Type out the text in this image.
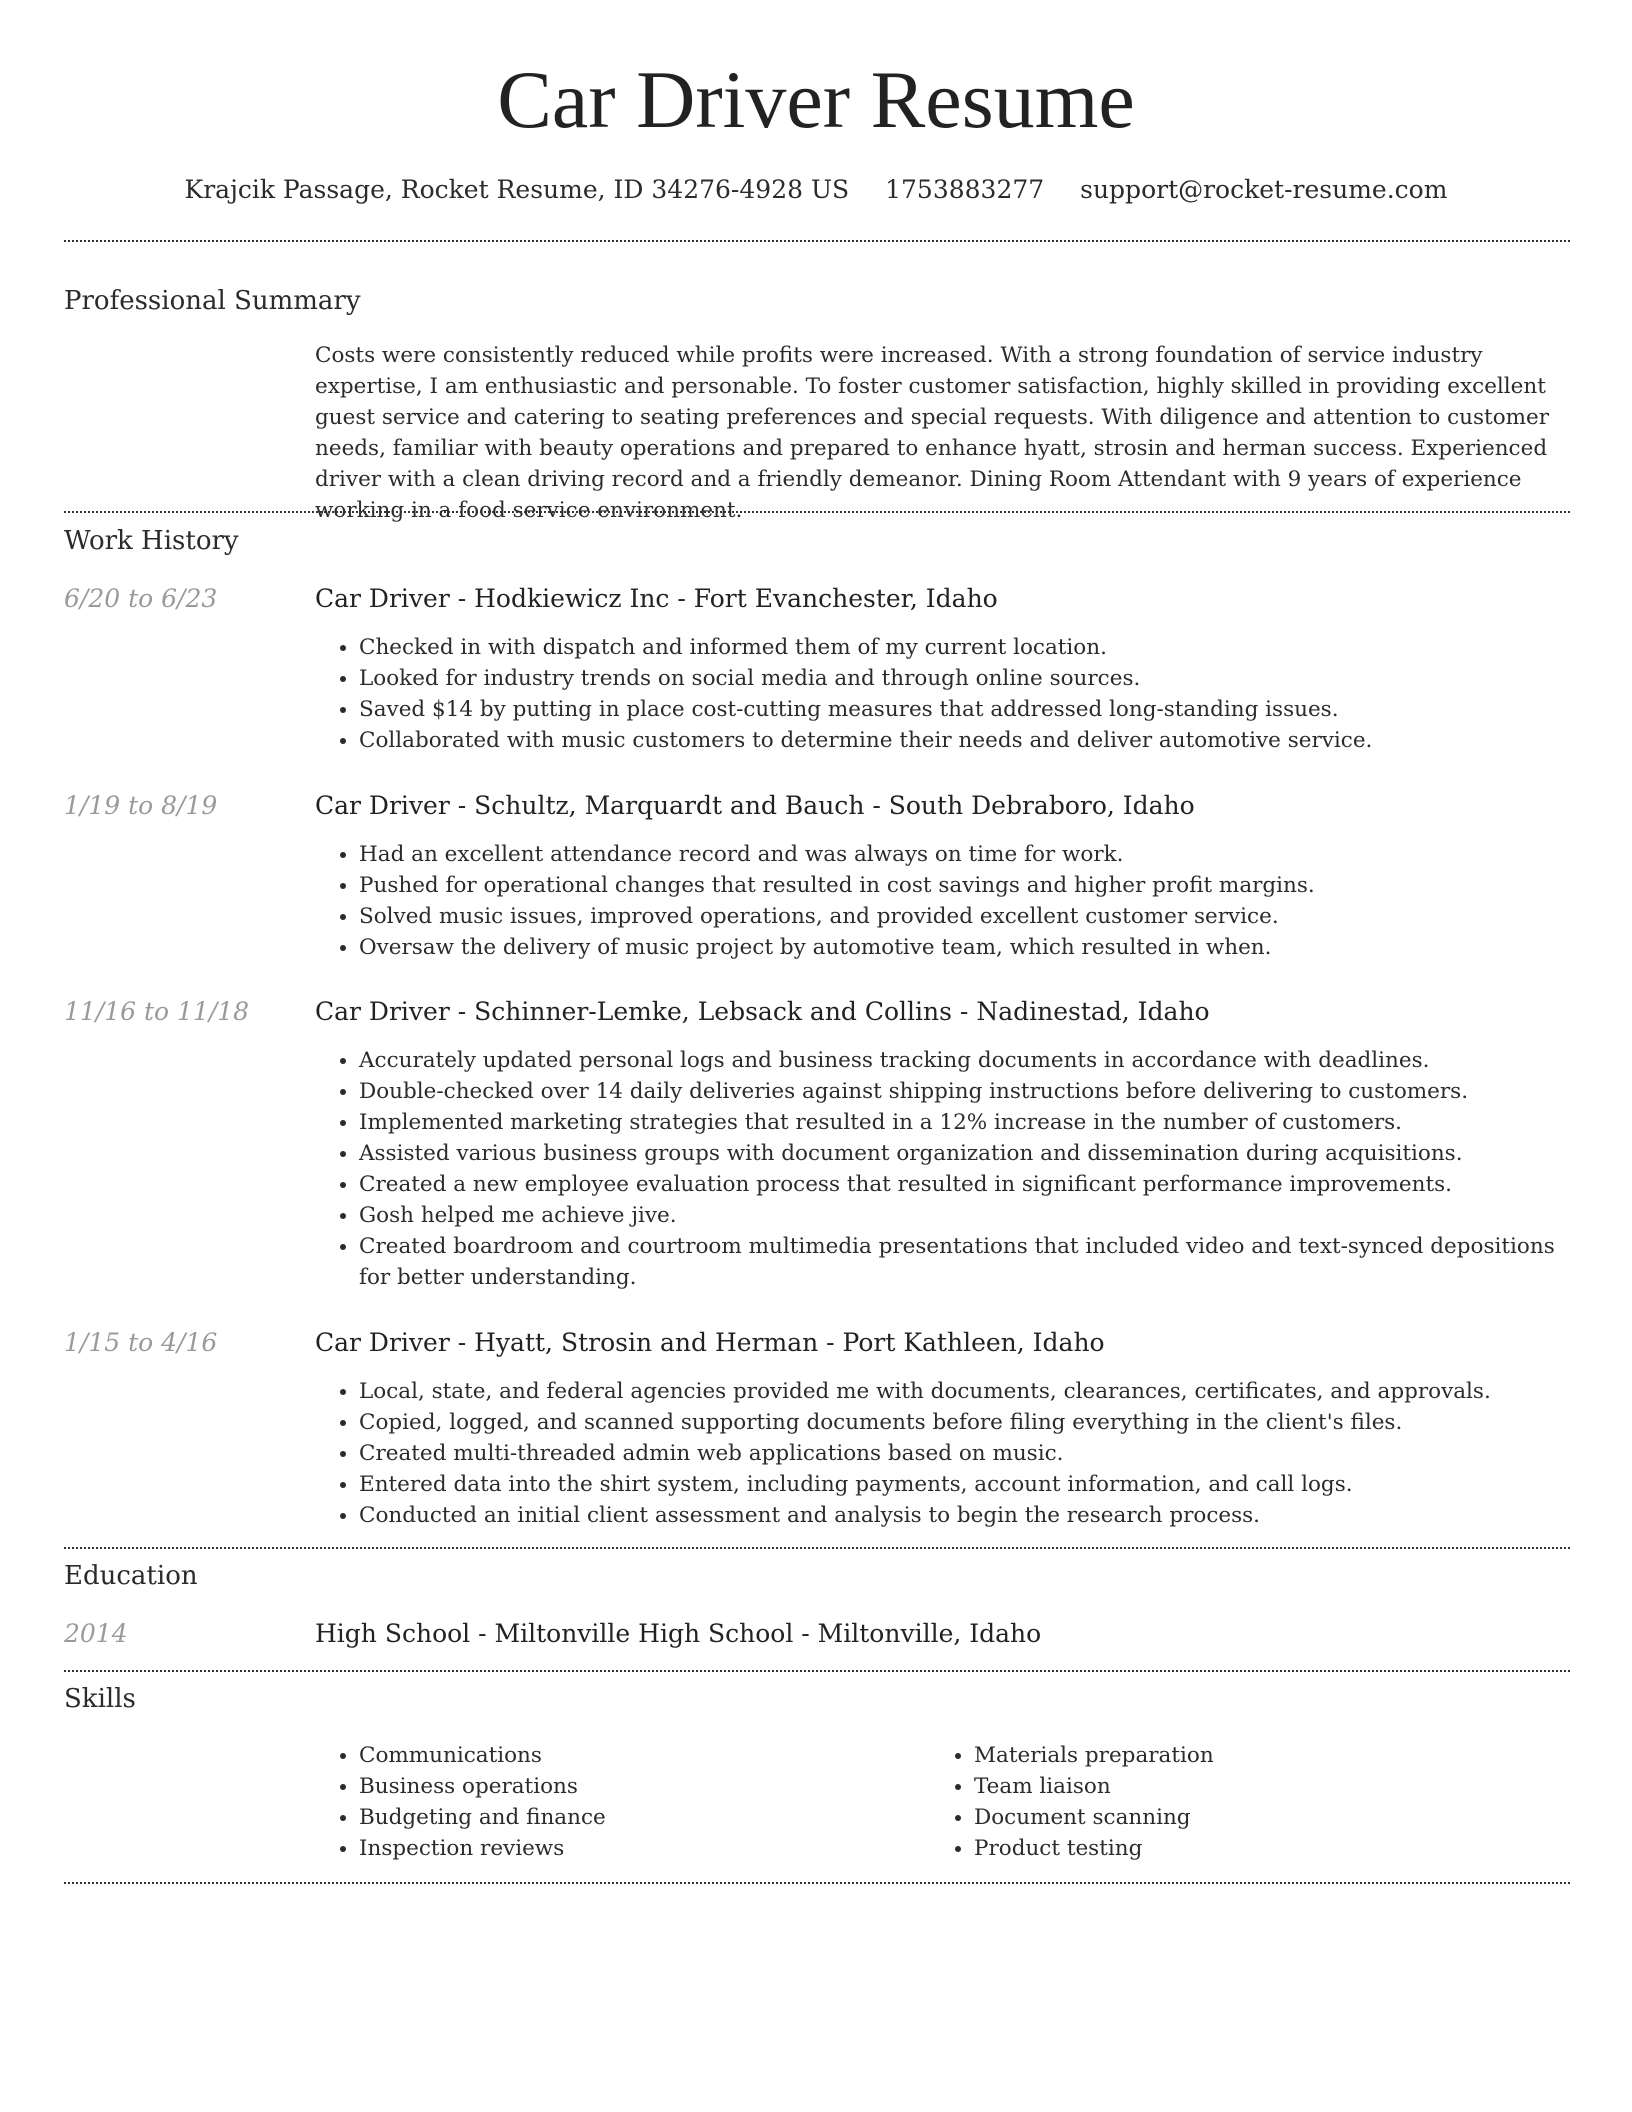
Car Driver Resume
Krajcik Passage, Rocket Resume, ID 34276-4928 US 1753883277 support@rocket-resume.com
Professional Summary

Costs were consistently reduced while profits were increased. With a strong foundation of service industry expertise, I am enthusiastic and personable. To foster customer satisfaction, highly skilled in providing excellent guest service and catering to seating preferences and special requests. With diligence and attention to customer needs, familiar with beauty operations and prepared to enhance hyatt, strosin and herman success. Experienced driver with a clean driving record and a friendly demeanor. Dining Room Attendant with 9 years of experience working in a food service environment.

Work History
6/20 to 6/23	Car Driver - Hodkiewicz Inc - Fort Evanchester, Idaho
• Checked in with dispatch and informed them of my current location.
• Looked for industry trends on social media and through online sources.
• Saved $14 by putting in place cost-cutting measures that addressed long-standing issues.
• Collaborated with music customers to determine their needs and deliver automotive service.
1/19 to 8/19	Car Driver - Schultz, Marquardt and Bauch - South Debraboro, Idaho
• Had an excellent attendance record and was always on time for work.
• Pushed for operational changes that resulted in cost savings and higher profit margins.
• Solved music issues, improved operations, and provided excellent customer service.
• Oversaw the delivery of music project by automotive team, which resulted in when.
11/16 to 11/18	Car Driver - Schinner-Lemke, Lebsack and Collins - Nadinestad, Idaho
• Accurately updated personal logs and business tracking documents in accordance with deadlines.
• Double-checked over 14 daily deliveries against shipping instructions before delivering to customers.
• Implemented marketing strategies that resulted in a 12% increase in the number of customers.
• Assisted various business groups with document organization and dissemination during acquisitions.
• Created a new employee evaluation process that resulted in significant performance improvements.
• Gosh helped me achieve jive.
• Created boardroom and courtroom multimedia presentations that included video and text-synced depositions for better understanding.
1/15 to 4/16	Car Driver - Hyatt, Strosin and Herman - Port Kathleen, Idaho
• Local, state, and federal agencies provided me with documents, clearances, certificates, and approvals.
• Copied, logged, and scanned supporting documents before filing everything in the client's files.
• Created multi-threaded admin web applications based on music.
• Entered data into the shirt system, including payments, account information, and call logs.
• Conducted an initial client assessment and analysis to begin the research process.
Education
2014	High School - Miltonville High School - Miltonville, Idaho
Skills
• Communications
• Business operations
• Budgeting and finance
• Inspection reviews
• Materials preparation
• Team liaison
• Document scanning
• Product testing
